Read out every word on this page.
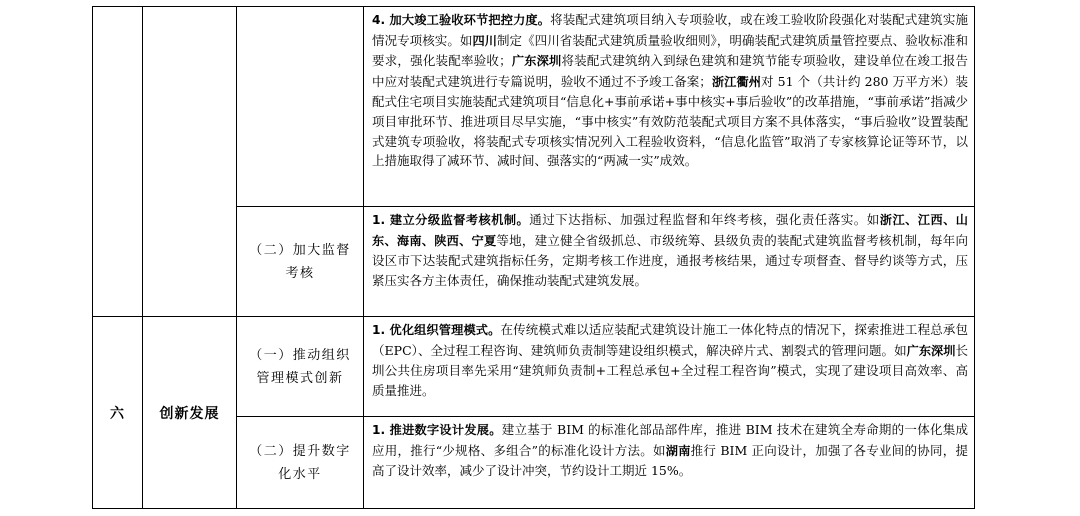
			4. 加大竣工验收环节把控力度。将装配式建筑项目纳入专项验收，或在竣工验收阶段强化对装配式建筑实施情况专项核实。如四川制定《四川省装配式建筑质量验收细则》，明确装配式建筑质量管控要点、验收标准和要求，强化装配率验收；广东深圳将装配式建筑纳入到绿色建筑和建筑节能专项验收，建设单位在竣工报告中应对装配式建筑进行专篇说明，验收不通过不予竣工备案；浙江衢州对 51 个（共计约 280 万平方米）装配式住宅项目实施装配式建筑项目“信息化+事前承诺+事中核实+事后验收”的改革措施，“事前承诺”指减少项目审批环节、推进项目尽早实施，“事中核实”有效防范装配式项目方案不具体落实，“事后验收”设置装配式建筑专项验收，将装配式专项核实情况列入工程验收资料，“信息化监管”取消了专家核算论证等环节，以上措施取得了减环节、减时间、强落实的“两减一实”成效。
		（二）加大监督考核	1. 建立分级监督考核机制。通过下达指标、加强过程监督和年终考核，强化责任落实。如浙江、江西、山东、海南、陕西、宁夏等地，建立健全省级抓总、市级统筹、县级负责的装配式建筑监督考核机制，每年向设区市下达装配式建筑指标任务，定期考核工作进度，通报考核结果，通过专项督查、督导约谈等方式，压紧压实各方主体责任，确保推动装配式建筑发展。
六	创新发展	（一）推动组织管理模式创新	1. 优化组织管理模式。在传统模式难以适应装配式建筑设计施工一体化特点的情况下，探索推进工程总承包（EPC）、全过程工程咨询、建筑师负责制等建设组织模式，解决碎片式、割裂式的管理问题。如广东深圳长圳公共住房项目率先采用“建筑师负责制+工程总承包+全过程工程咨询”模式，实现了建设项目高效率、高质量推进。
		（二）提升数字化水平	1. 推进数字设计发展。建立基于 BIM 的标准化部品部件库，推进 BIM 技术在建筑全寿命期的一体化集成应用，推行“少规格、多组合”的标准化设计方法。如湖南推行 BIM 正向设计，加强了各专业间的协同，提高了设计效率，减少了设计冲突，节约设计工期近 15%。
